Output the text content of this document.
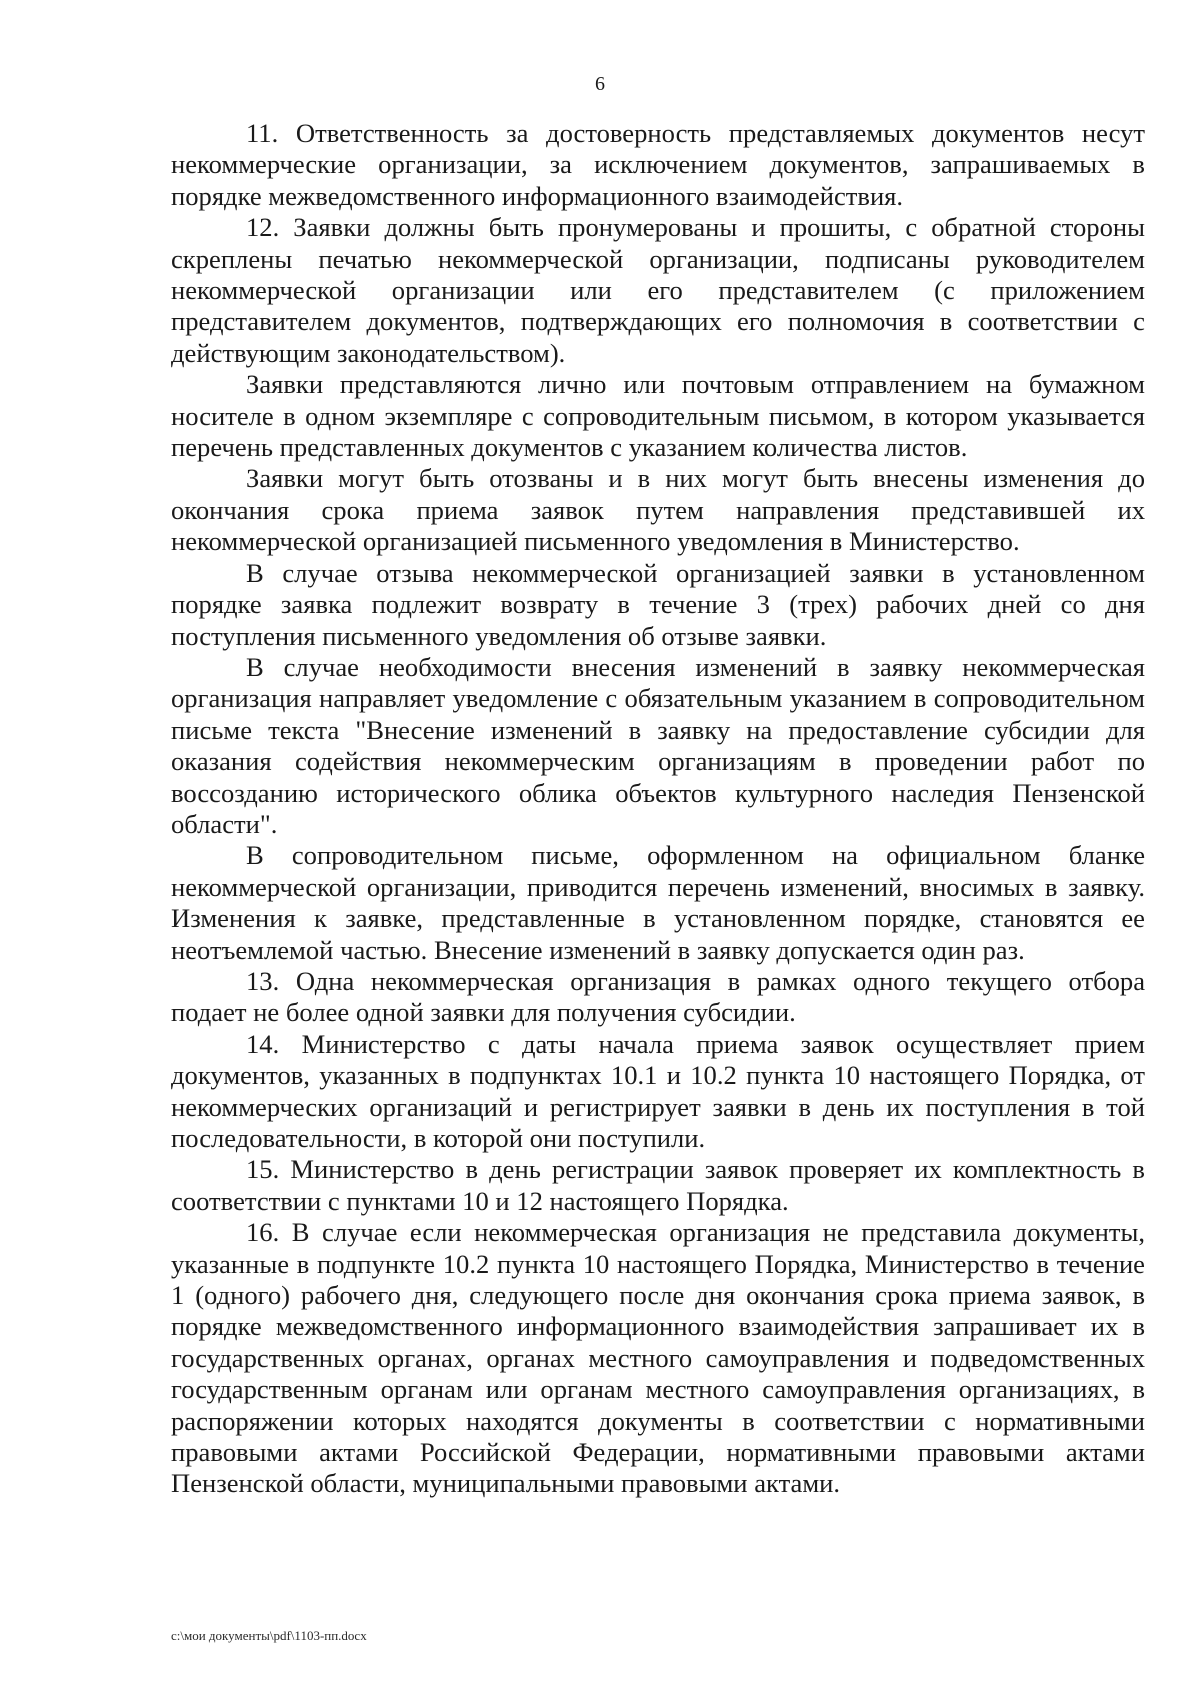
6

11. Ответственность за достоверность представляемых документов несут некоммерческие организации, за исключением документов, запрашиваемых в порядке межведомственного информационного взаимодействия.

12. Заявки должны быть пронумерованы и прошиты, с обратной стороны скреплены печатью некоммерческой организации, подписаны руководителем некоммерческой организации или его представителем (с приложением представителем документов, подтверждающих его полномочия в соответствии с действующим законодательством).

Заявки представляются лично или почтовым отправлением на бумажном носителе в одном экземпляре с сопроводительным письмом, в котором указывается перечень представленных документов с указанием количества листов.

Заявки могут быть отозваны и в них могут быть внесены изменения до окончания срока приема заявок путем направления представившей их некоммерческой организацией письменного уведомления в Министерство.

В случае отзыва некоммерческой организацией заявки в установленном порядке заявка подлежит возврату в течение 3 (трех) рабочих дней со дня поступления письменного уведомления об отзыве заявки.

В случае необходимости внесения изменений в заявку некоммерческая организация направляет уведомление с обязательным указанием в сопроводительном письме текста "Внесение изменений в заявку на предоставление субсидии для оказания содействия некоммерческим организациям в проведении работ по воссозданию исторического облика объектов культурного наследия Пензенской области".

В сопроводительном письме, оформленном на официальном бланке некоммерческой организации, приводится перечень изменений, вносимых в заявку. Изменения к заявке, представленные в установленном порядке, становятся ее неотъемлемой частью. Внесение изменений в заявку допускается один раз.

13. Одна некоммерческая организация в рамках одного текущего отбора подает не более одной заявки для получения субсидии.

14. Министерство с даты начала приема заявок осуществляет прием документов, указанных в подпунктах 10.1 и 10.2 пункта 10 настоящего Порядка, от некоммерческих организаций и регистрирует заявки в день их поступления в той последовательности, в которой они поступили.

15. Министерство в день регистрации заявок проверяет их комплектность в соответствии с пунктами 10 и 12 настоящего Порядка.

16. В случае если некоммерческая организация не представила документы, указанные в подпункте 10.2 пункта 10 настоящего Порядка, Министерство в течение 1 (одного) рабочего дня, следующего после дня окончания срока приема заявок, в порядке межведомственного информационного взаимодействия запрашивает их в государственных органах, органах местного самоуправления и подведомственных государственным органам или органам местного самоуправления организациях, в распоряжении которых находятся документы в соответствии с нормативными правовыми актами Российской Федерации, нормативными правовыми актами Пензенской области, муниципальными правовыми актами.

c:\мои документы\pdf\1103-пп.docx
